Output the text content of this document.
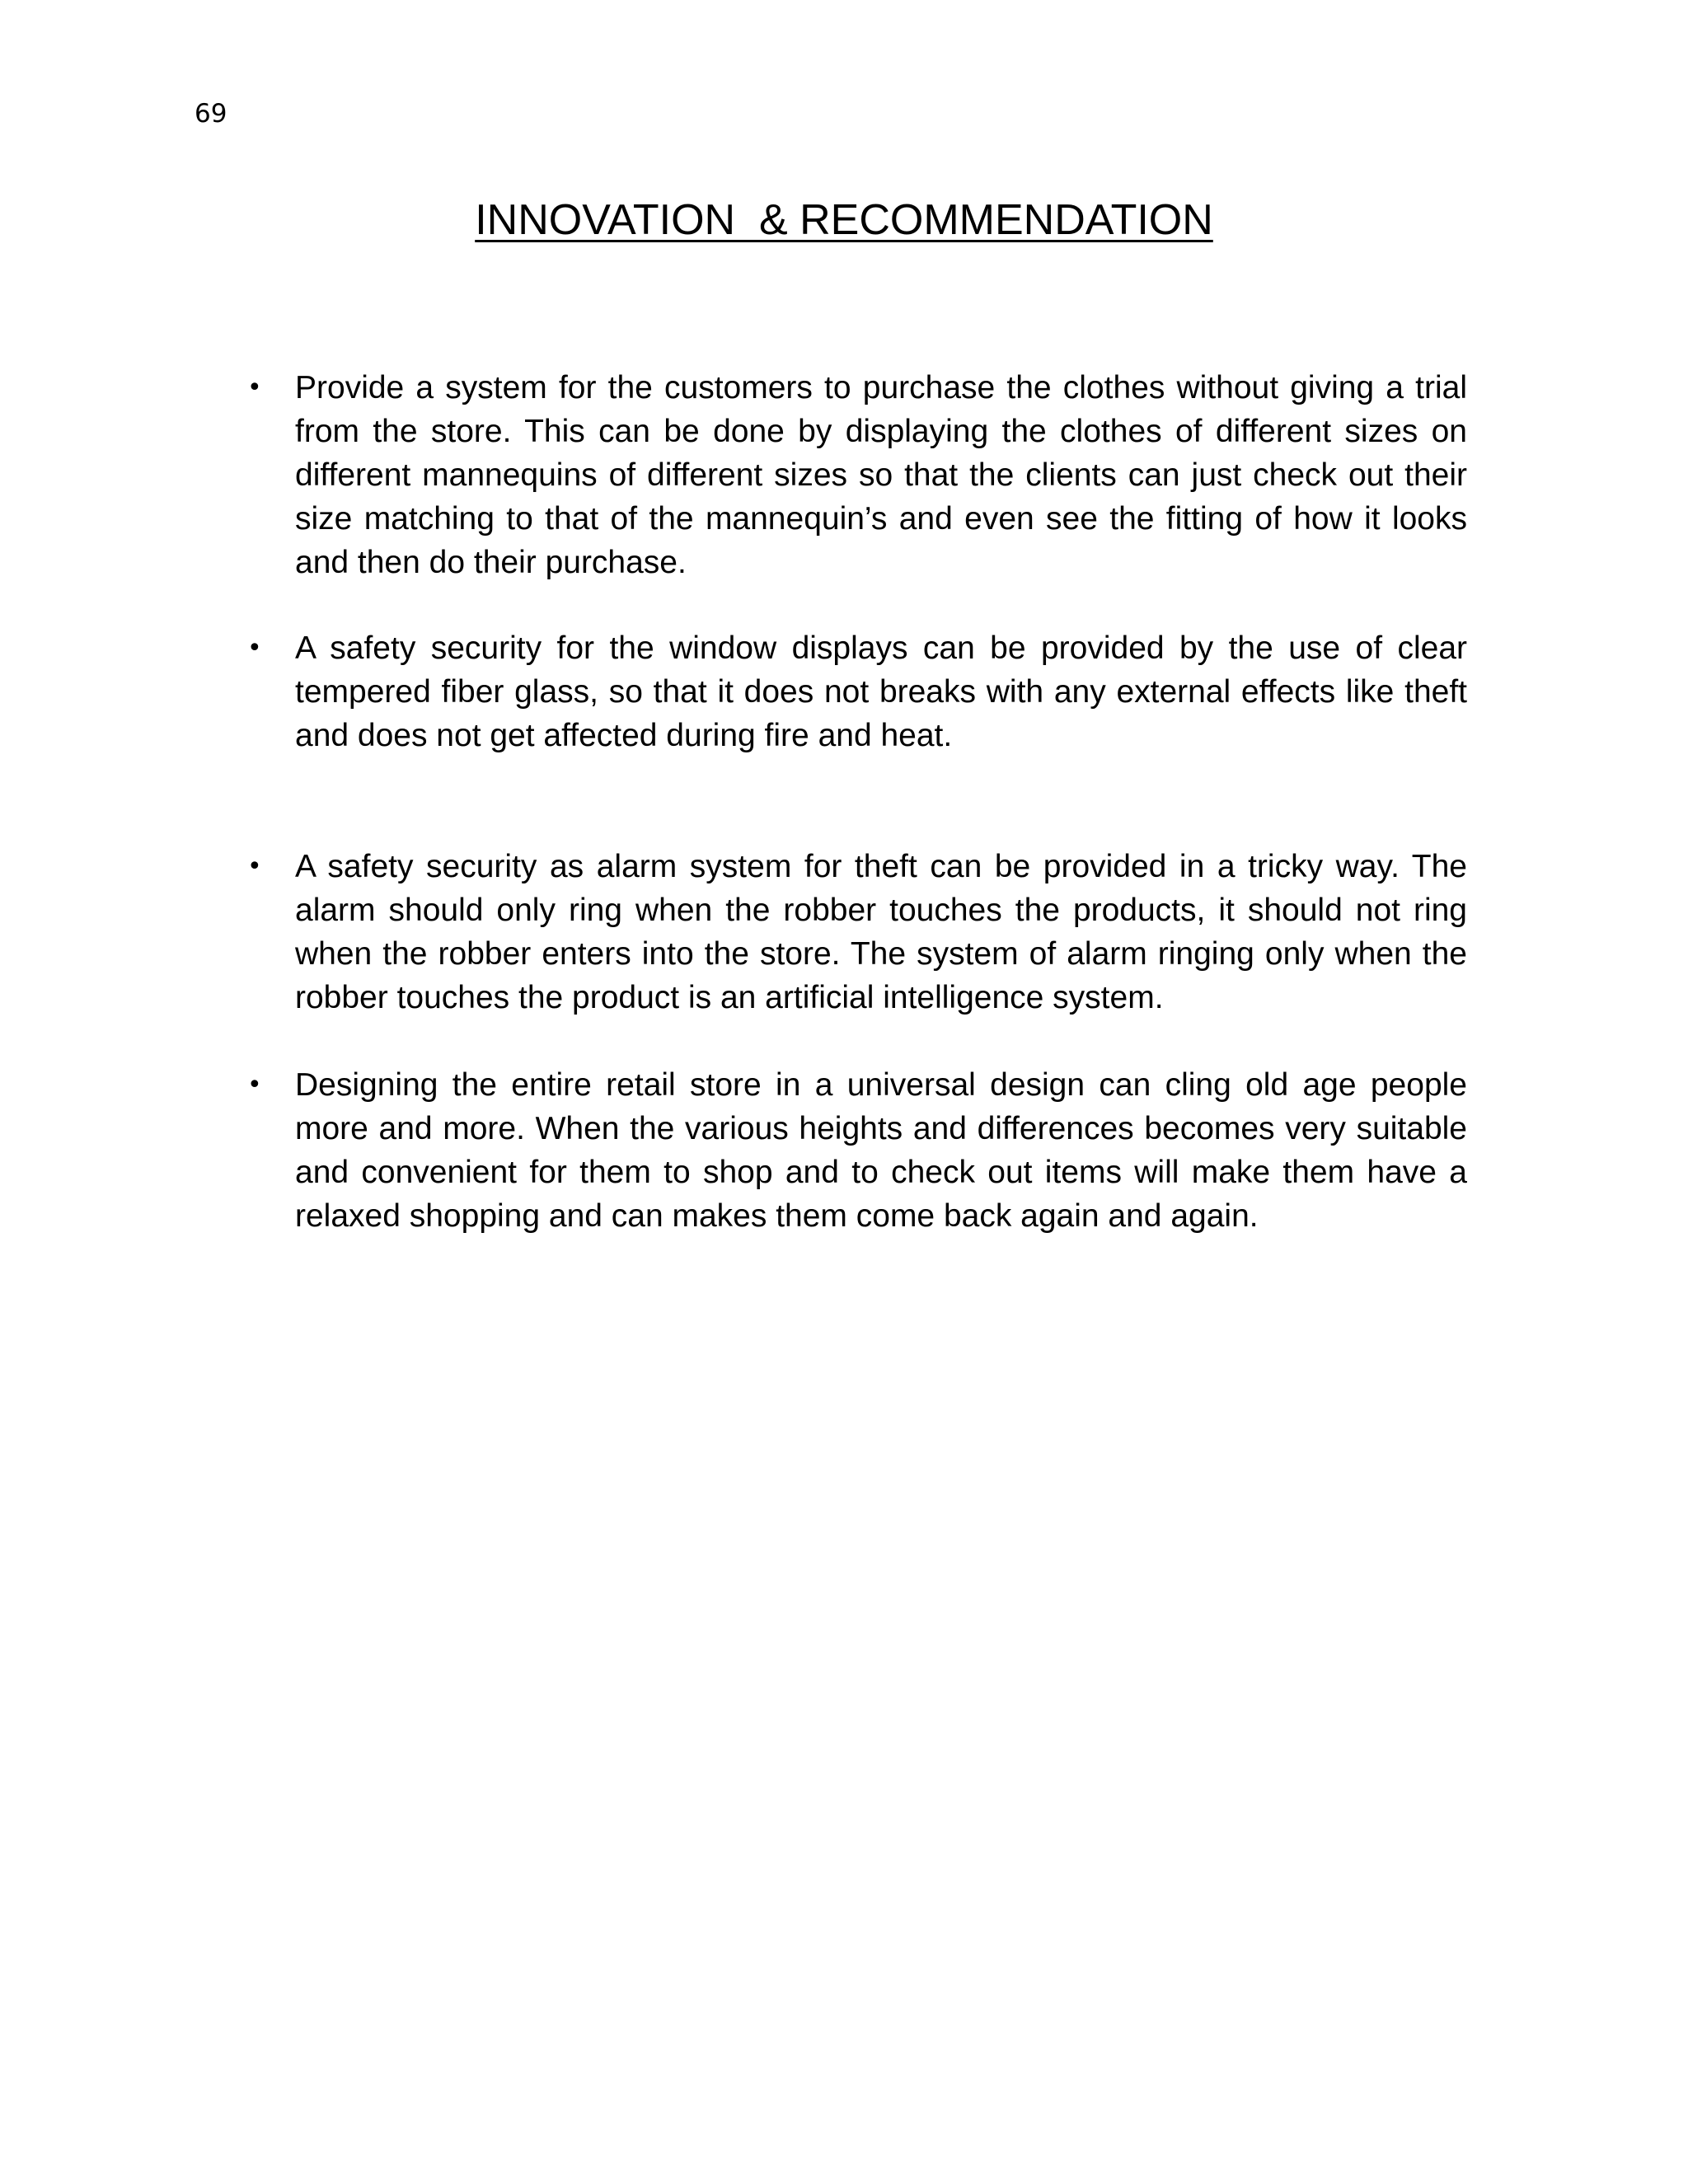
69
INNOVATION  & RECOMMENDATION
•	Provide a system for the customers to purchase the clothes without giving a trial from the store. This can be done by displaying the clothes of different sizes on different mannequins of different sizes so that the clients can just check out their size matching to that of the mannequin’s and even see the fitting of how it looks and then do their purchase.

•	A safety security for the window displays can be provided by the use of clear tempered fiber glass, so that it does not breaks with any external effects like theft and does not get affected during fire and heat.

•	A safety security as alarm system for theft can be provided in a tricky way. The alarm should only ring when the robber touches the products, it should not ring when the robber enters into the store. The system of alarm ringing only when the robber touches the product is an artificial intelligence system.

•	Designing the entire retail store in a universal design can cling old age people more and more. When the various heights and differences becomes very suitable and convenient for them to shop and to check out items will make them have a relaxed shopping and can makes them come back again and again.
